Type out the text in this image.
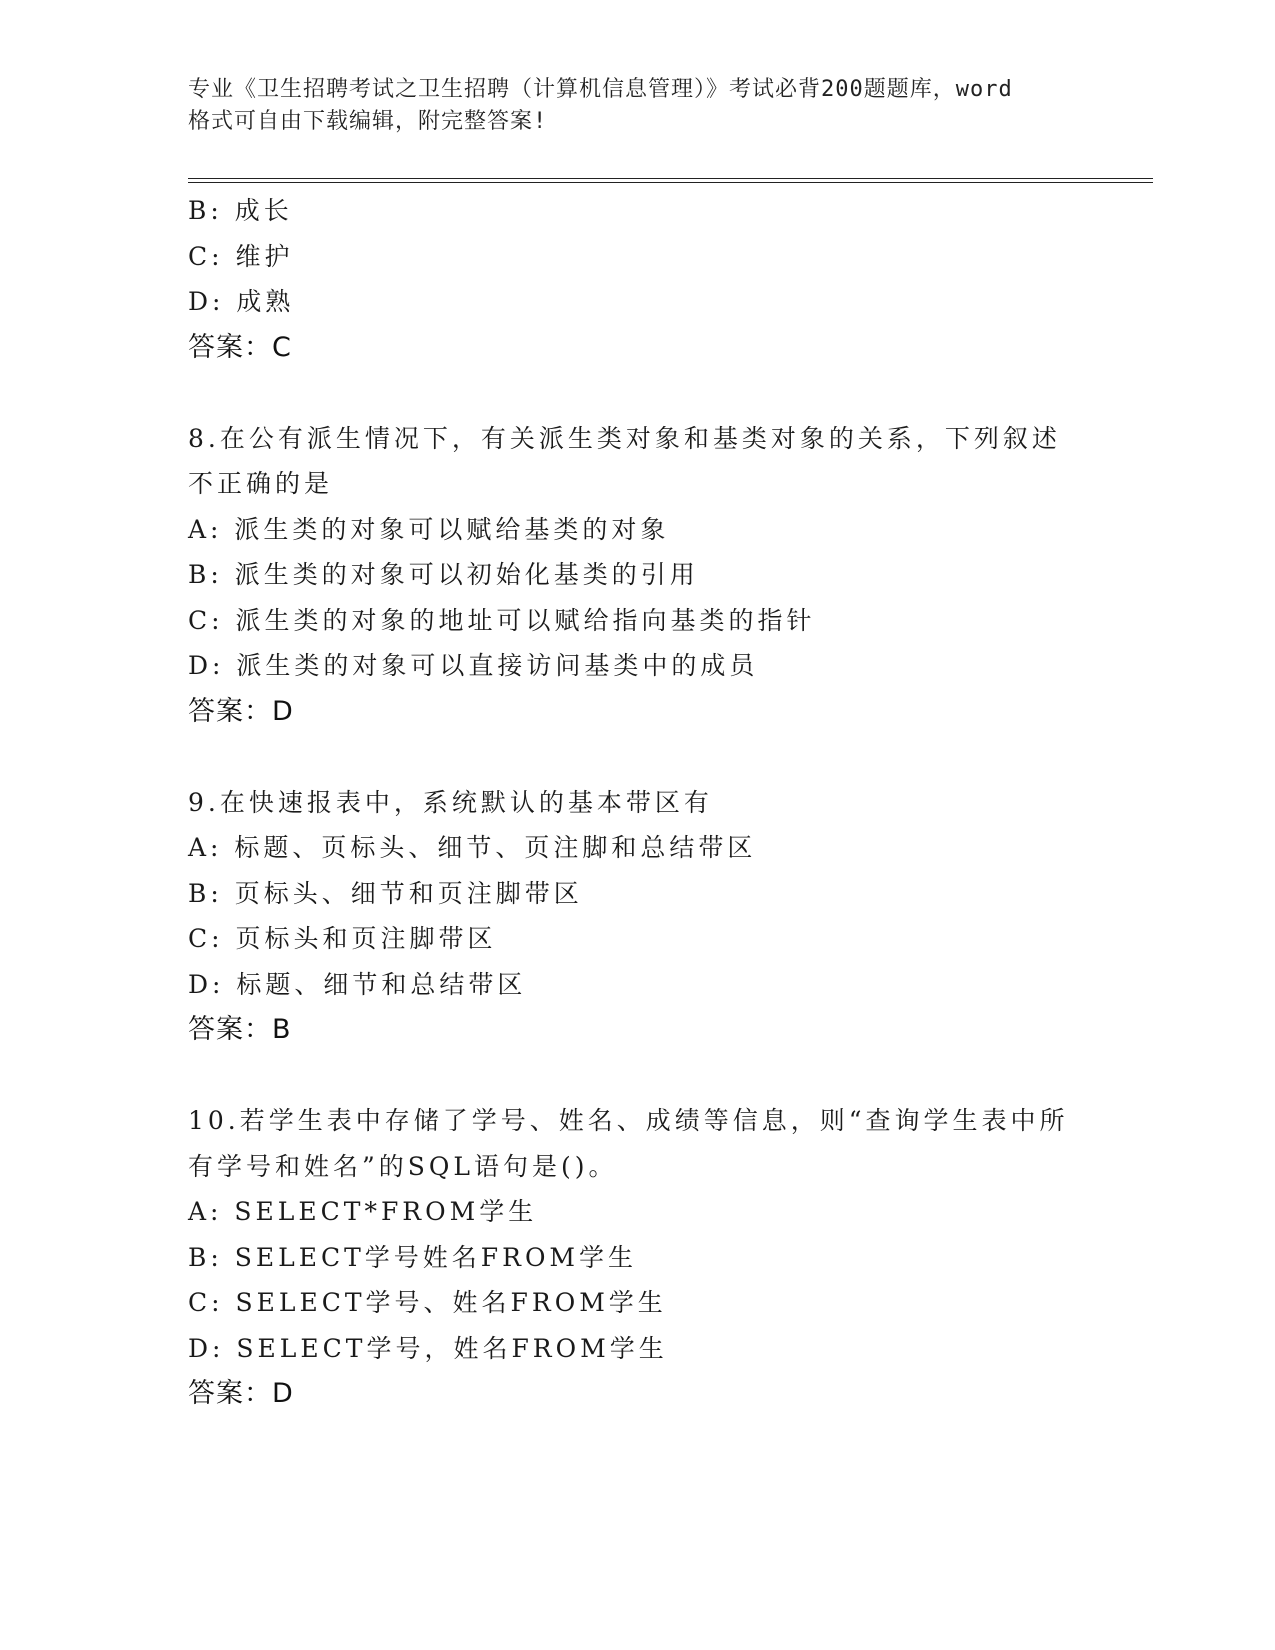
专业《卫生招聘考试之卫生招聘（计算机信息管理）》考试必背200题题库，word
格式可自由下载编辑，附完整答案!
B: 成长
C: 维护
D: 成熟
答案：C
8.在公有派生情况下，有关派生类对象和基类对象的关系，下列叙述
不正确的是
A: 派生类的对象可以赋给基类的对象
B: 派生类的对象可以初始化基类的引用
C: 派生类的对象的地址可以赋给指向基类的指针
D: 派生类的对象可以直接访问基类中的成员
答案：D
9.在快速报表中，系统默认的基本带区有
A: 标题、页标头、细节、页注脚和总结带区
B: 页标头、细节和页注脚带区
C: 页标头和页注脚带区
D: 标题、细节和总结带区
答案：B
10.若学生表中存储了学号、姓名、成绩等信息，则“查询学生表中所
有学号和姓名”的SQL语句是()。
A: SELECT*FROM学生
B: SELECT学号姓名FROM学生
C: SELECT学号、姓名FROM学生
D: SELECT学号，姓名FROM学生
答案：D
